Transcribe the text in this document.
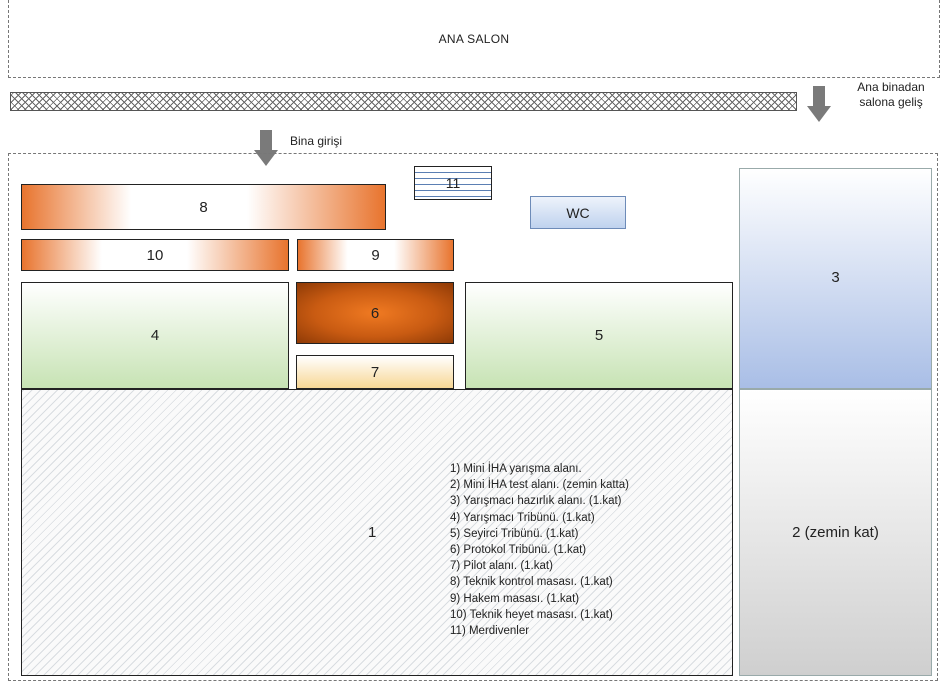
ANA SALON
Ana binadan
salona geliş
Bina girişi
8
11
WC
10	9
4
6
7
5
3
1	2 (zemin kat)
1) Mini İHA yarışma alanı.
2) Mini İHA test alanı. (zemin katta)
3) Yarışmacı hazırlık alanı. (1.kat)
4) Yarışmacı Tribünü. (1.kat)
5) Seyirci Tribünü. (1.kat)
6) Protokol Tribünü. (1.kat)
7) Pilot alanı. (1.kat)
8) Teknik kontrol masası. (1.kat)
9) Hakem masası. (1.kat)
10) Teknik heyet masası. (1.kat)
11) Merdivenler
